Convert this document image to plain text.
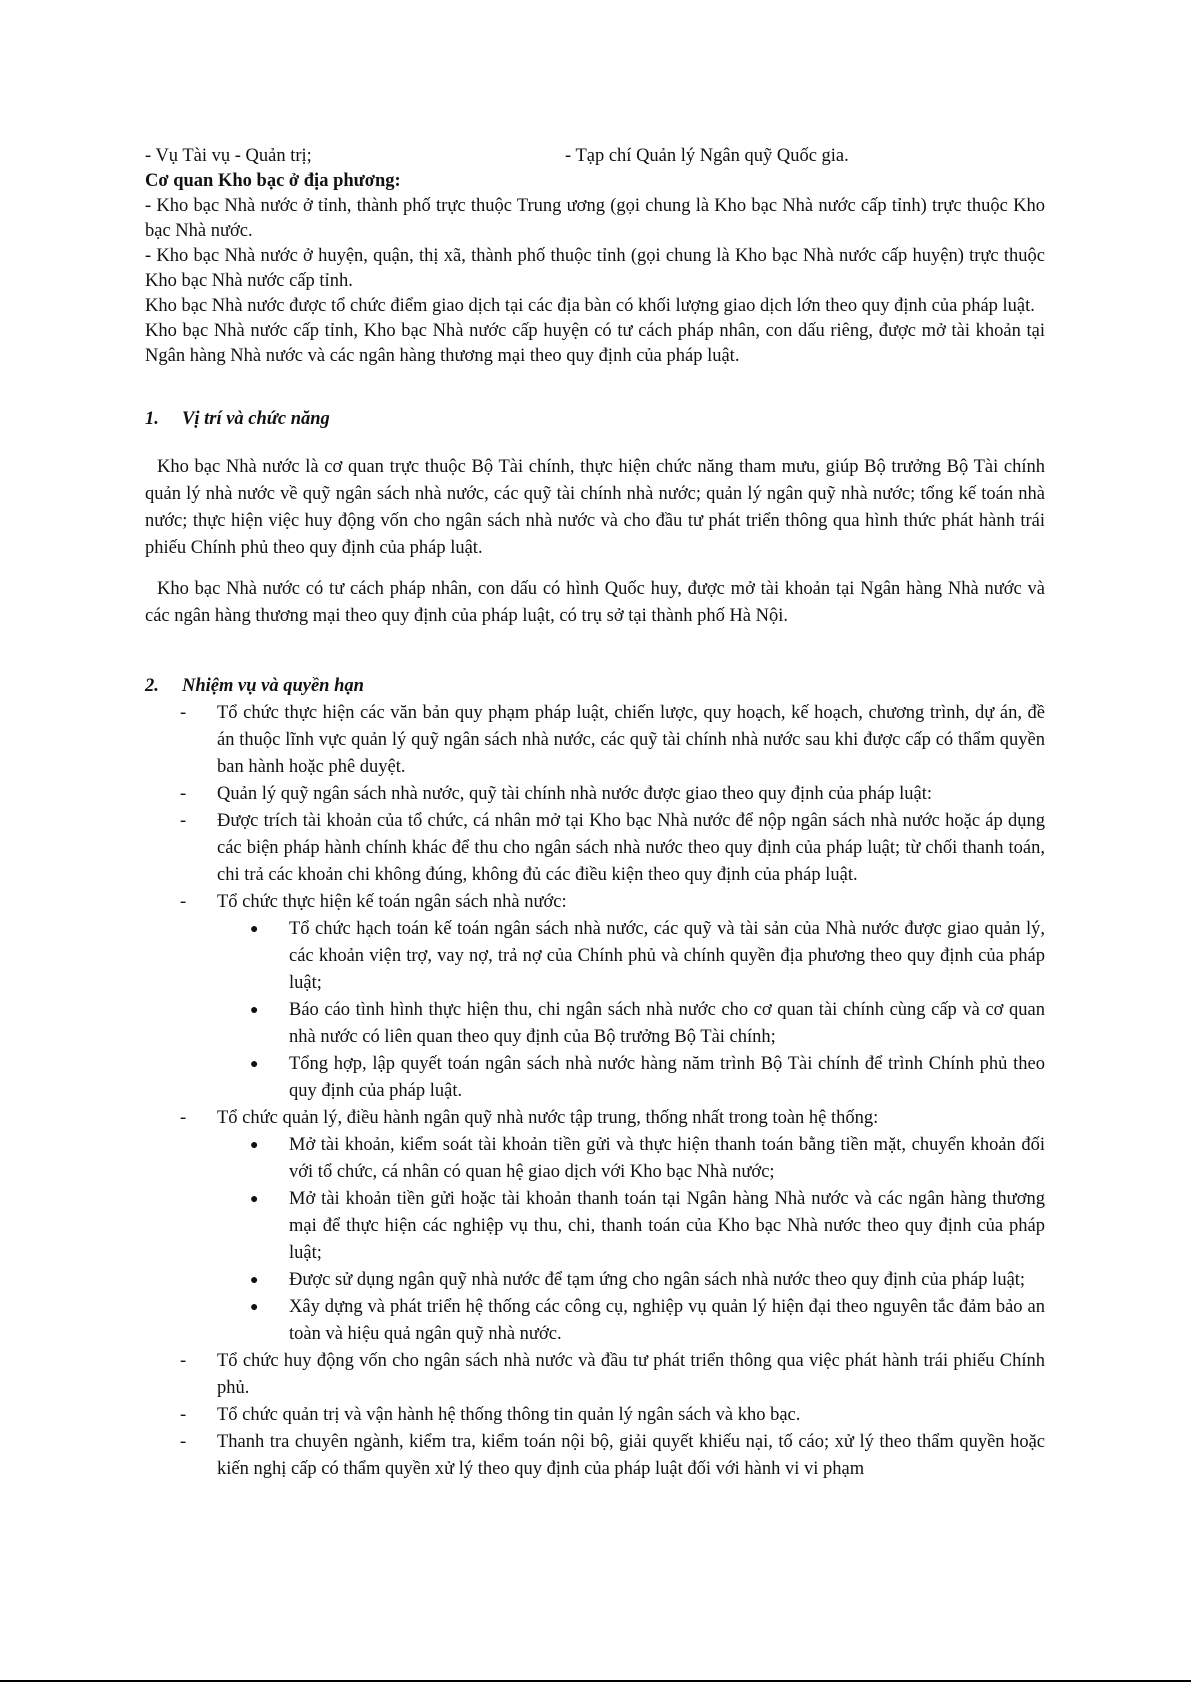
- Vụ Tài vụ - Quản trị;	- Tạp chí Quản lý Ngân quỹ Quốc gia.

Cơ quan Kho bạc ở địa phương:

- Kho bạc Nhà nước ở tỉnh, thành phố trực thuộc Trung ương (gọi chung là Kho bạc Nhà nước cấp tỉnh) trực thuộc Kho bạc Nhà nước.

- Kho bạc Nhà nước ở huyện, quận, thị xã, thành phố thuộc tỉnh (gọi chung là Kho bạc Nhà nước cấp huyện) trực thuộc Kho bạc Nhà nước cấp tỉnh.

Kho bạc Nhà nước được tổ chức điểm giao dịch tại các địa bàn có khối lượng giao dịch lớn theo quy định của pháp luật.

Kho bạc Nhà nước cấp tỉnh, Kho bạc Nhà nước cấp huyện có tư cách pháp nhân, con dấu riêng, được mở tài khoản tại Ngân hàng Nhà nước và các ngân hàng thương mại theo quy định của pháp luật.

1. Vị trí và chức năng

Kho bạc Nhà nước là cơ quan trực thuộc Bộ Tài chính, thực hiện chức năng tham mưu, giúp Bộ trưởng Bộ Tài chính quản lý nhà nước về quỹ ngân sách nhà nước, các quỹ tài chính nhà nước; quản lý ngân quỹ nhà nước; tổng kế toán nhà nước; thực hiện việc huy động vốn cho ngân sách nhà nước và cho đầu tư phát triển thông qua hình thức phát hành trái phiếu Chính phủ theo quy định của pháp luật.

Kho bạc Nhà nước có tư cách pháp nhân, con dấu có hình Quốc huy, được mở tài khoản tại Ngân hàng Nhà nước và các ngân hàng thương mại theo quy định của pháp luật, có trụ sở tại thành phố Hà Nội.

2. Nhiệm vụ và quyền hạn

- Tổ chức thực hiện các văn bản quy phạm pháp luật, chiến lược, quy hoạch, kế hoạch, chương trình, dự án, đề án thuộc lĩnh vực quản lý quỹ ngân sách nhà nước, các quỹ tài chính nhà nước sau khi được cấp có thẩm quyền ban hành hoặc phê duyệt.
- Quản lý quỹ ngân sách nhà nước, quỹ tài chính nhà nước được giao theo quy định của pháp luật:
- Được trích tài khoản của tổ chức, cá nhân mở tại Kho bạc Nhà nước để nộp ngân sách nhà nước hoặc áp dụng các biện pháp hành chính khác để thu cho ngân sách nhà nước theo quy định của pháp luật; từ chối thanh toán, chi trả các khoản chi không đúng, không đủ các điều kiện theo quy định của pháp luật.
- Tổ chức thực hiện kế toán ngân sách nhà nước:
● Tổ chức hạch toán kế toán ngân sách nhà nước, các quỹ và tài sản của Nhà nước được giao quản lý, các khoản viện trợ, vay nợ, trả nợ của Chính phủ và chính quyền địa phương theo quy định của pháp luật;
● Báo cáo tình hình thực hiện thu, chi ngân sách nhà nước cho cơ quan tài chính cùng cấp và cơ quan nhà nước có liên quan theo quy định của Bộ trưởng Bộ Tài chính;
● Tổng hợp, lập quyết toán ngân sách nhà nước hàng năm trình Bộ Tài chính để trình Chính phủ theo quy định của pháp luật.
- Tổ chức quản lý, điều hành ngân quỹ nhà nước tập trung, thống nhất trong toàn hệ thống:
● Mở tài khoản, kiểm soát tài khoản tiền gửi và thực hiện thanh toán bằng tiền mặt, chuyển khoản đối với tổ chức, cá nhân có quan hệ giao dịch với Kho bạc Nhà nước;
● Mở tài khoản tiền gửi hoặc tài khoản thanh toán tại Ngân hàng Nhà nước và các ngân hàng thương mại để thực hiện các nghiệp vụ thu, chi, thanh toán của Kho bạc Nhà nước theo quy định của pháp luật;
● Được sử dụng ngân quỹ nhà nước để tạm ứng cho ngân sách nhà nước theo quy định của pháp luật;
● Xây dựng và phát triển hệ thống các công cụ, nghiệp vụ quản lý hiện đại theo nguyên tắc đảm bảo an toàn và hiệu quả ngân quỹ nhà nước.
- Tổ chức huy động vốn cho ngân sách nhà nước và đầu tư phát triển thông qua việc phát hành trái phiếu Chính phủ.
- Tổ chức quản trị và vận hành hệ thống thông tin quản lý ngân sách và kho bạc.
- Thanh tra chuyên ngành, kiểm tra, kiểm toán nội bộ, giải quyết khiếu nại, tố cáo; xử lý theo thẩm quyền hoặc kiến nghị cấp có thẩm quyền xử lý theo quy định của pháp luật đối với hành vi vi phạm
